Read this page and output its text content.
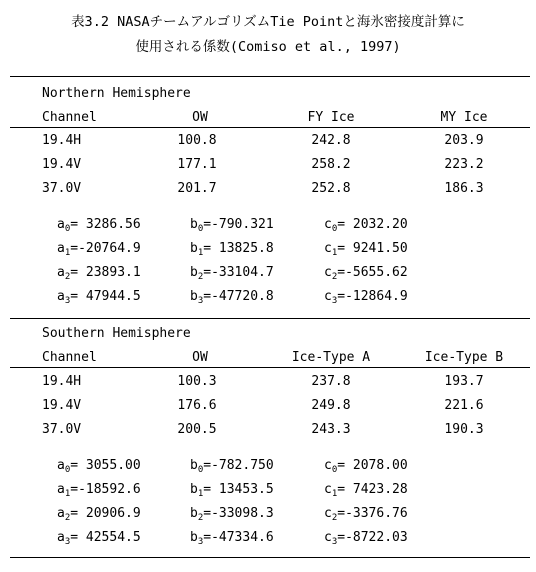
表3.2 NASAチームアルゴリズムTie Pointと海氷密接度計算に
使用される係数(Comiso et al., 1997)
Northern Hemisphere
Channel	OW	FY Ice	MY Ice
19.4H	100.8	242.8	203.9
19.4V	177.1	258.2	223.2
37.0V	201.7	252.8	186.3
$a_0= 3286.56$	$b_0=-790.321$	$c_0= 2032.20$
$a_1=-20764.9$	$b_1= 13825.8$	$c_1= 9241.50$
$a_2= 23893.1$	$b_2=-33104.7$	$c_2=-5655.62$
$a_3= 47944.5$	$b_3=-47720.8$	$c_3=-12864.9$
Southern Hemisphere
Channel	OW	Ice-Type A	Ice-Type B
19.4H	100.3	237.8	193.7
19.4V	176.6	249.8	221.6
37.0V	200.5	243.3	190.3
$a_0= 3055.00$	$b_0=-782.750$	$c_0= 2078.00$
$a_1=-18592.6$	$b_1= 13453.5$	$c_1= 7423.28$
$a_2= 20906.9$	$b_2=-33098.3$	$c_2=-3376.76$
$a_3= 42554.5$	$b_3=-47334.6$	$c_3=-8722.03$
